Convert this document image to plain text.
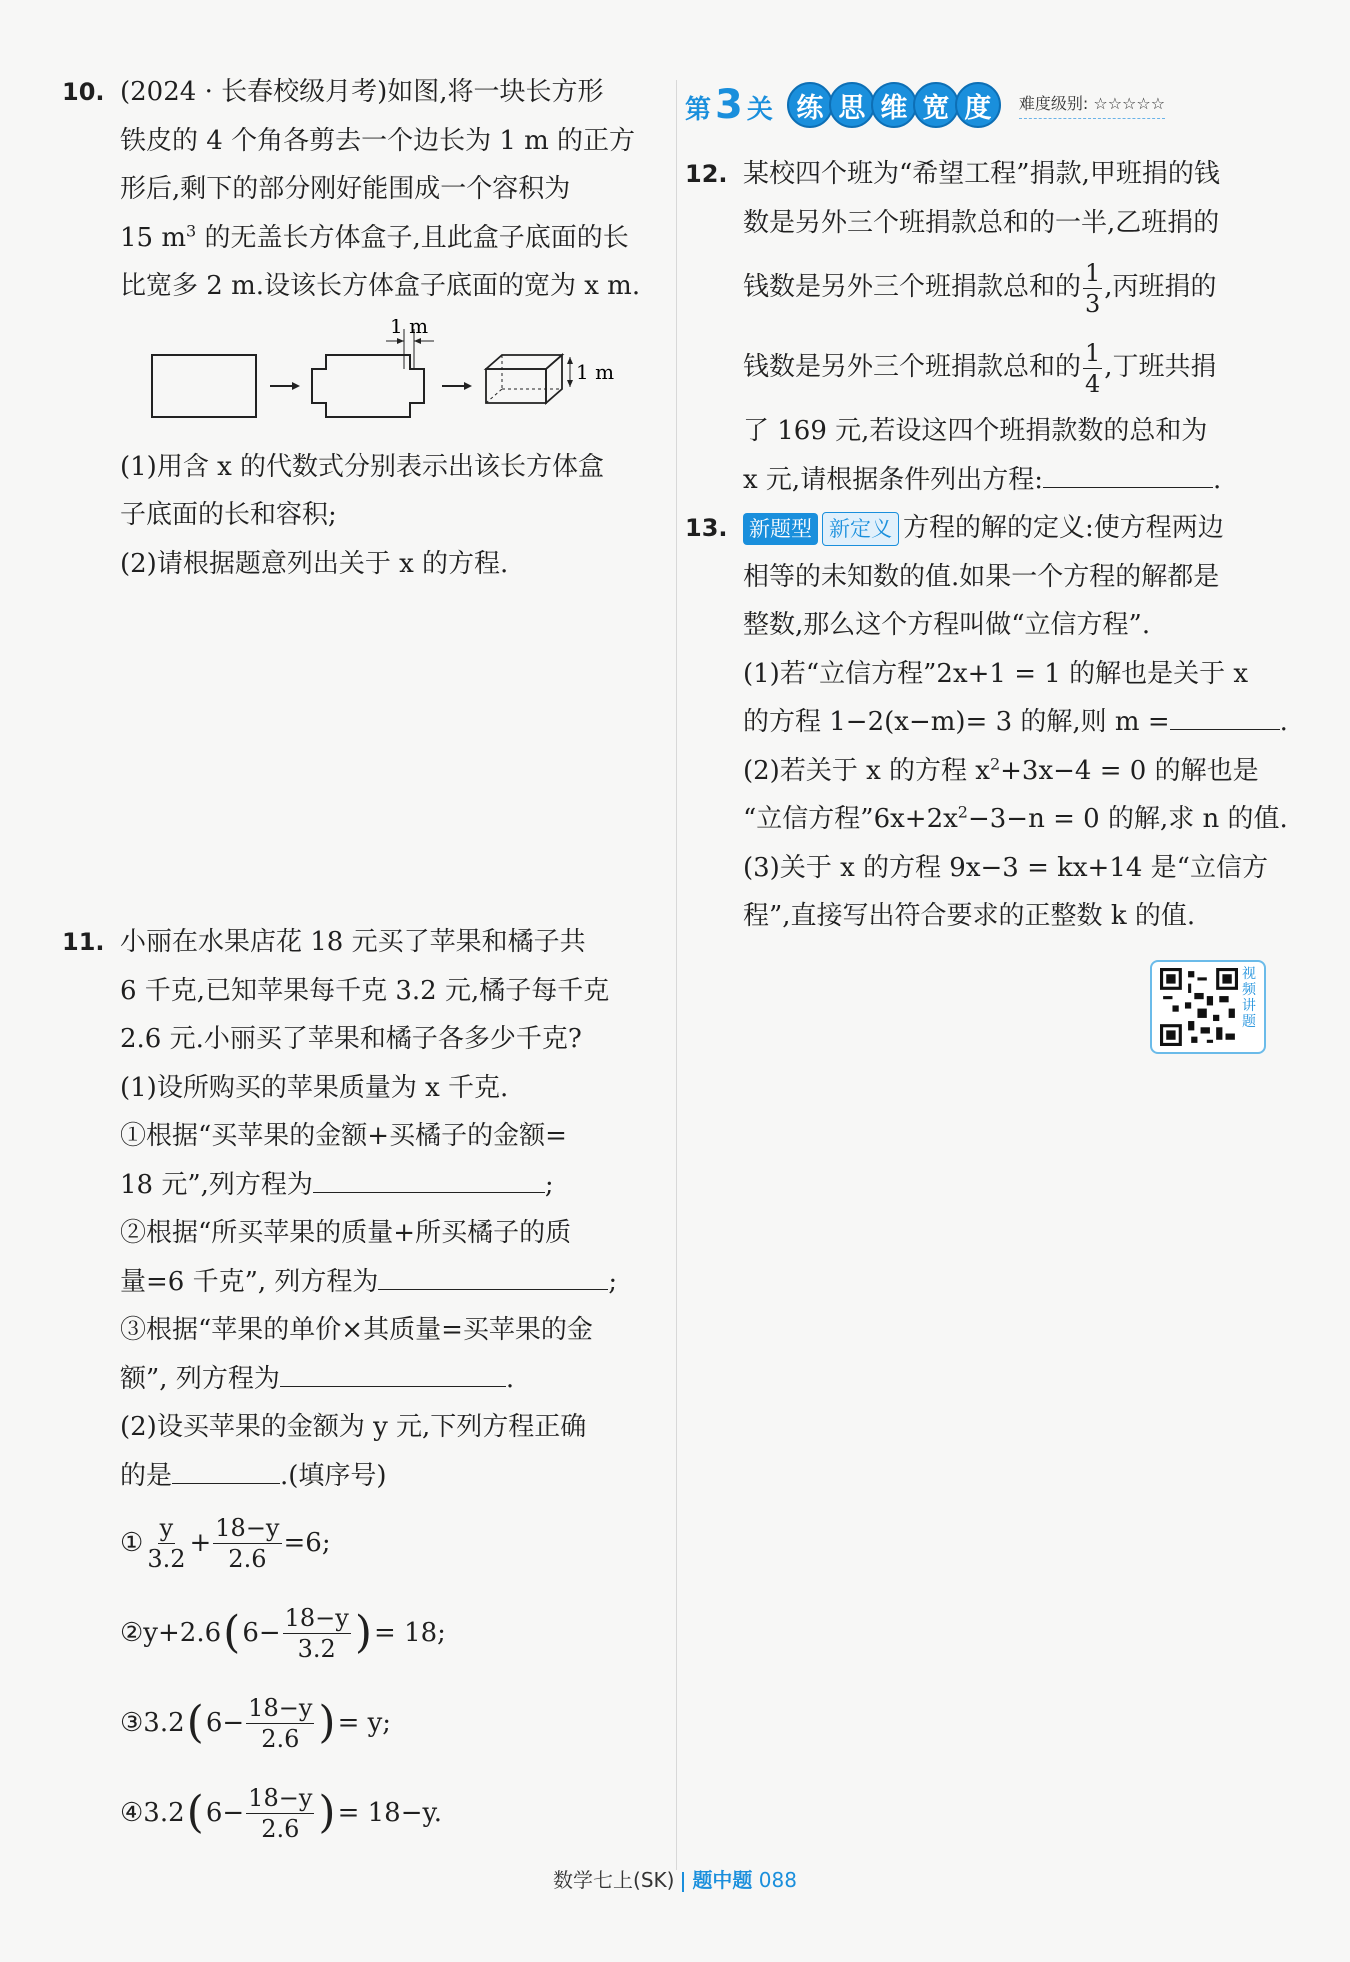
10. (2024 · 长春校级月考)如图,将一块长方形
铁皮的 4 个角各剪去一个边长为 1 m 的正方
形后,剩下的部分刚好能围成一个容积为
15 $m^3$ 的无盖长方体盒子,且此盒子底面的长
比宽多 2 m.设该长方体盒子底面的宽为 x m.
1 m
1 m
(1)用含 x 的代数式分别表示出该长方体盒
子底面的长和容积;
(2)请根据题意列出关于 x 的方程.
11. 小丽在水果店花 18 元买了苹果和橘子共
6 千克,已知苹果每千克 3.2 元,橘子每千克
2.6 元.小丽买了苹果和橘子各多少千克?
(1)设所购买的苹果质量为 x 千克.
①根据“买苹果的金额+买橘子的金额=
18 元”,列方程为	;
②根据“所买苹果的质量+所买橘子的质
量=6 千克”, 列方程为	;
③根据“苹果的单价×其质量=买苹果的金
额”, 列方程为	.
(2)设买苹果的金额为 y 元,下列方程正确
的是	.(填序号)
① $\frac{y}{3.2} + \frac{18-y}{2.6} =6$;
②y+2.6 ( $6- \frac{18-y}{3.2}$ ) = 18;
③3.2 ( $6- \frac{18-y}{2.6}$ ) = y;
④3.2 ( $6- \frac{18-y}{2.6}$ ) = 18−y.
第 3 关 练 思 维 宽 度	难度级别: ☆☆☆☆☆
12. 某校四个班为“希望工程”捐款,甲班捐的钱
数是另外三个班捐款总和的一半,乙班捐的
钱数是另外三个班捐款总和的 $\frac{1}{3}$ ,丙班捐的
钱数是另外三个班捐款总和的 $\frac{1}{4}$ ,丁班共捐
了 169 元,若设这四个班捐款数的总和为
x 元,请根据条件列出方程:	.
13. 新题型 新定义 方程的解的定义:使方程两边
相等的未知数的值.如果一个方程的解都是
整数,那么这个方程叫做“立信方程”.
(1)若“立信方程”2x+1 = 1 的解也是关于 x
的方程 1−2(x−m)= 3 的解,则 m =	.
(2)若关于 x 的方程 $x^2+3x-4 = 0$ 的解也是
“立信方程$”6x+2x^2-3-n = 0$ 的解,求 n 的值.
(3)关于 x 的方程 9x−3 = kx+14 是“立信方
程”,直接写出符合要求的正整数 k 的值.
视频讲题
数学七上(SK) 题中题 088
